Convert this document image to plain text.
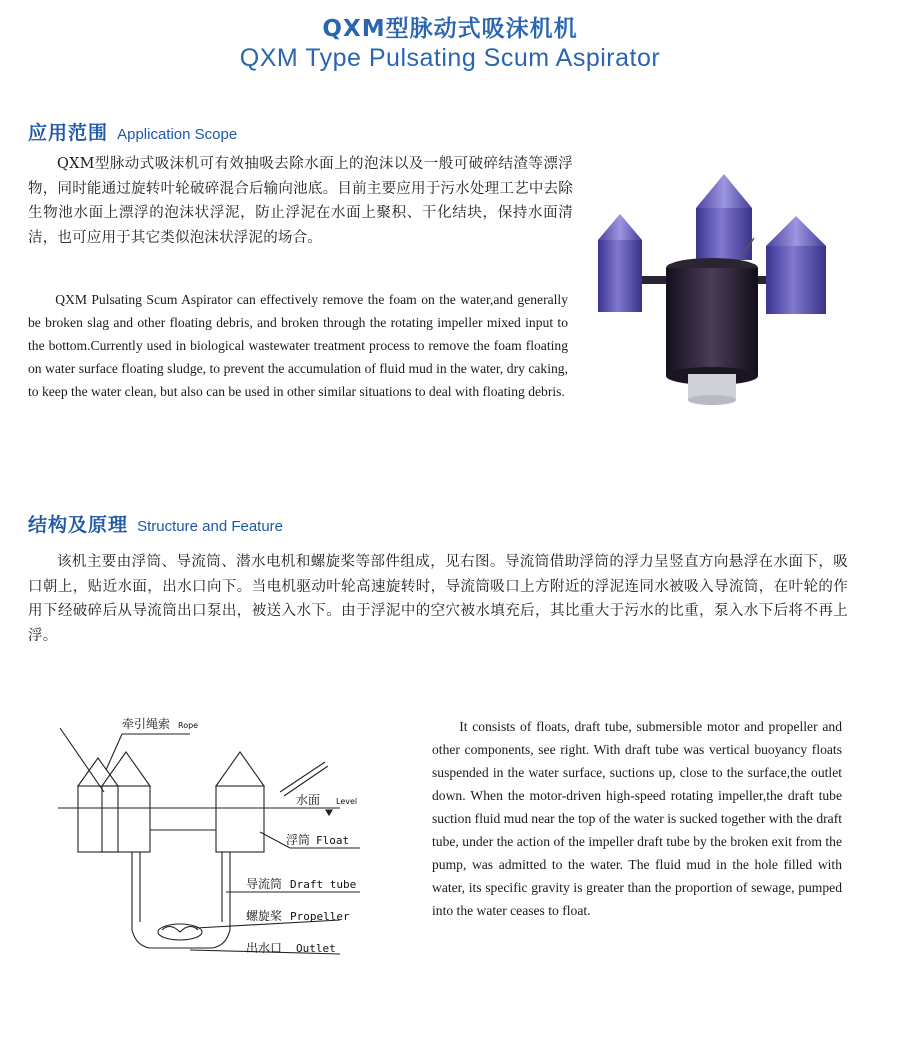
QXM型脉动式吸沫机机
QXM Type Pulsating Scum Aspirator
应用范围 Application Scope

QXM型脉动式吸沫机可有效抽吸去除水面上的泡沫以及一般可破碎结渣等漂浮物，同时能通过旋转叶轮破碎混合后输向池底。目前主要应用于污水处理工艺中去除生物池水面上漂浮的泡沫状浮泥，防止浮泥在水面上聚积、干化结块，保持水面清洁，也可应用于其它类似泡沫状浮泥的场合。

QXM Pulsating Scum Aspirator can effectively remove the foam on the water,and generally be broken slag and other floating debris, and broken through the rotating impeller mixed input to the bottom.Currently used in biological wastewater treatment process to remove the foam floating on water surface floating sludge, to prevent the accumulation of fluid mud in the water, dry caking, to keep the water clean, but also can be used in other similar situations to deal with floating debris.

结构及原理 Structure and Feature

该机主要由浮筒、导流筒、潜水电机和螺旋桨等部件组成，见右图。导流筒借助浮筒的浮力呈竖直方向悬浮在水面下，吸口朝上，贴近水面，出水口向下。当电机驱动叶轮高速旋转时，导流筒吸口上方附近的浮泥连同水被吸入导流筒，在叶轮的作用下经破碎后从导流筒出口泵出，被送入水下。由于浮泥中的空穴被水填充后，其比重大于污水的比重，泵入水下后将不再上浮。

牵引绳索 Rope
水面 Level
浮筒 Float
导流筒 Draft tube
螺旋桨 Propeller
出水口 Outlet

It consists of floats, draft tube, submersible motor and propeller and other components, see right. With draft tube was vertical buoyancy floats suspended in the water surface, suctions up, close to the surface,the outlet down. When the motor-driven high-speed rotating impeller,the draft tube suction fluid mud near the top of the water is sucked together with the draft tube, under the action of the impeller draft tube by the broken exit from the pump, was admitted to the water. The fluid mud in the hole filled with water, its specific gravity is greater than the proportion of sewage, pumped into the water ceases to float.
